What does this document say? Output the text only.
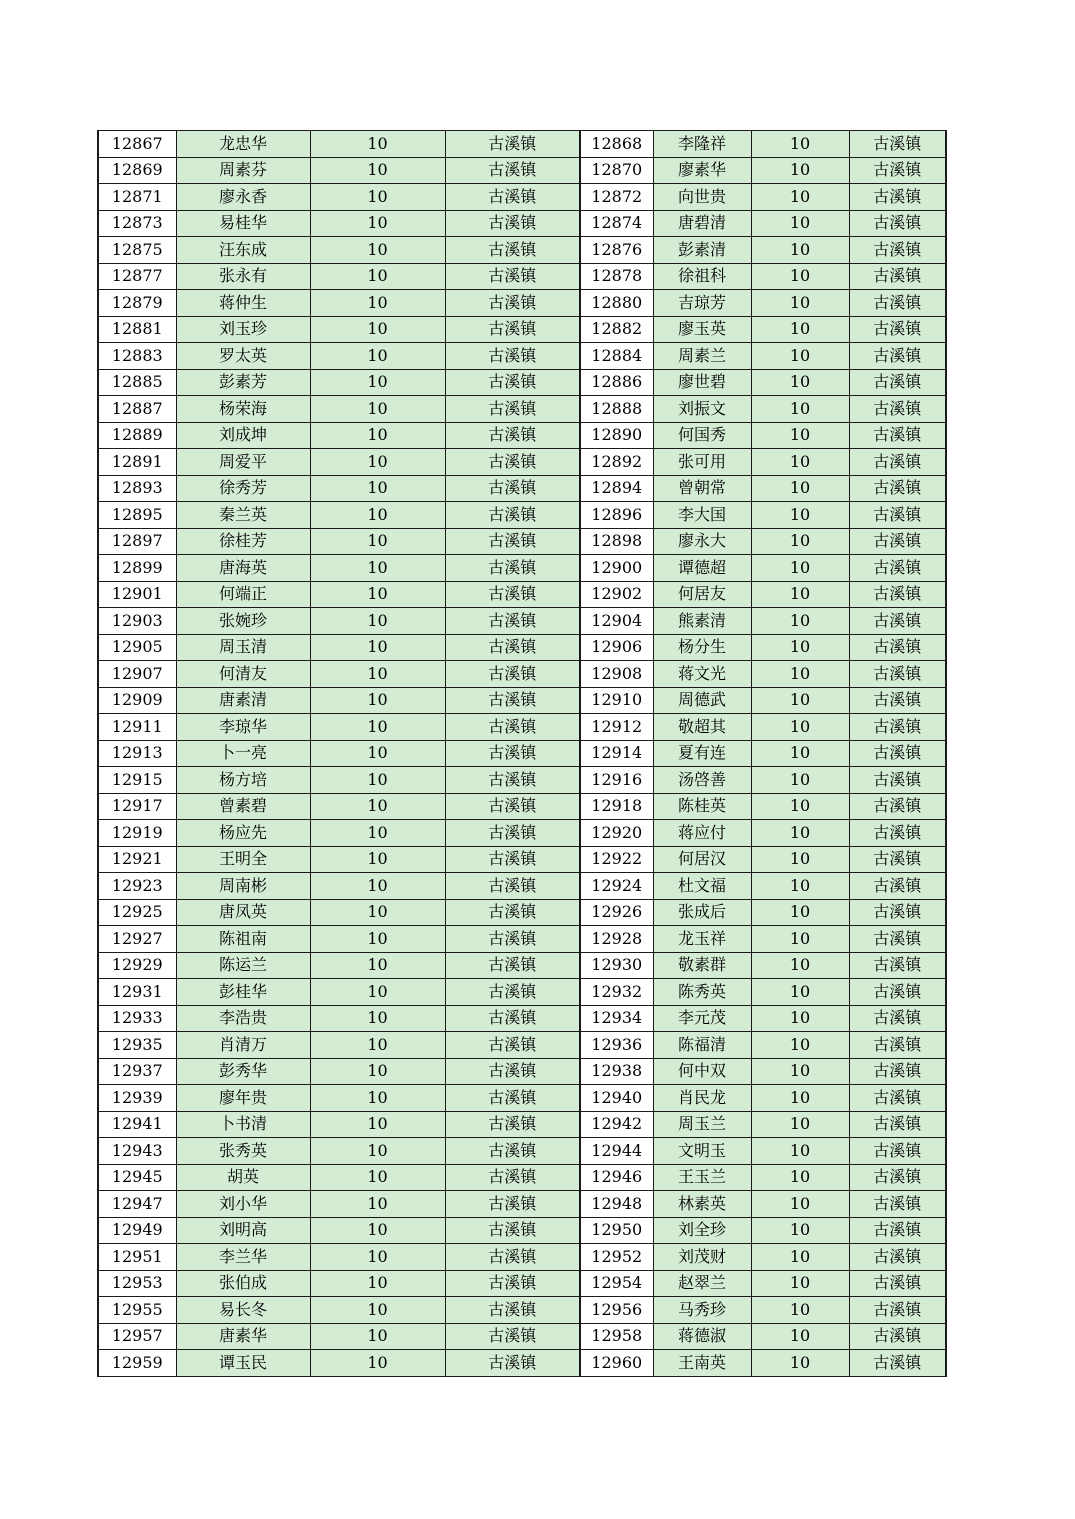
12867	龙忠华	10	古溪镇	12868	李隆祥	10	古溪镇
12869	周素芬	10	古溪镇	12870	廖素华	10	古溪镇
12871	廖永香	10	古溪镇	12872	向世贵	10	古溪镇
12873	易桂华	10	古溪镇	12874	唐碧清	10	古溪镇
12875	汪东成	10	古溪镇	12876	彭素清	10	古溪镇
12877	张永有	10	古溪镇	12878	徐祖科	10	古溪镇
12879	蒋仲生	10	古溪镇	12880	吉琼芳	10	古溪镇
12881	刘玉珍	10	古溪镇	12882	廖玉英	10	古溪镇
12883	罗太英	10	古溪镇	12884	周素兰	10	古溪镇
12885	彭素芳	10	古溪镇	12886	廖世碧	10	古溪镇
12887	杨荣海	10	古溪镇	12888	刘振文	10	古溪镇
12889	刘成坤	10	古溪镇	12890	何国秀	10	古溪镇
12891	周爱平	10	古溪镇	12892	张可用	10	古溪镇
12893	徐秀芳	10	古溪镇	12894	曾朝常	10	古溪镇
12895	秦兰英	10	古溪镇	12896	李大国	10	古溪镇
12897	徐桂芳	10	古溪镇	12898	廖永大	10	古溪镇
12899	唐海英	10	古溪镇	12900	谭德超	10	古溪镇
12901	何端正	10	古溪镇	12902	何居友	10	古溪镇
12903	张婉珍	10	古溪镇	12904	熊素清	10	古溪镇
12905	周玉清	10	古溪镇	12906	杨分生	10	古溪镇
12907	何清友	10	古溪镇	12908	蒋文光	10	古溪镇
12909	唐素清	10	古溪镇	12910	周德武	10	古溪镇
12911	李琼华	10	古溪镇	12912	敬超其	10	古溪镇
12913	卜一亮	10	古溪镇	12914	夏有连	10	古溪镇
12915	杨方培	10	古溪镇	12916	汤啓善	10	古溪镇
12917	曾素碧	10	古溪镇	12918	陈桂英	10	古溪镇
12919	杨应先	10	古溪镇	12920	蒋应付	10	古溪镇
12921	王明全	10	古溪镇	12922	何居汉	10	古溪镇
12923	周南彬	10	古溪镇	12924	杜文福	10	古溪镇
12925	唐凤英	10	古溪镇	12926	张成后	10	古溪镇
12927	陈祖南	10	古溪镇	12928	龙玉祥	10	古溪镇
12929	陈运兰	10	古溪镇	12930	敬素群	10	古溪镇
12931	彭桂华	10	古溪镇	12932	陈秀英	10	古溪镇
12933	李浩贵	10	古溪镇	12934	李元茂	10	古溪镇
12935	肖清万	10	古溪镇	12936	陈福清	10	古溪镇
12937	彭秀华	10	古溪镇	12938	何中双	10	古溪镇
12939	廖年贵	10	古溪镇	12940	肖民龙	10	古溪镇
12941	卜书清	10	古溪镇	12942	周玉兰	10	古溪镇
12943	张秀英	10	古溪镇	12944	文明玉	10	古溪镇
12945	胡英	10	古溪镇	12946	王玉兰	10	古溪镇
12947	刘小华	10	古溪镇	12948	林素英	10	古溪镇
12949	刘明高	10	古溪镇	12950	刘全珍	10	古溪镇
12951	李兰华	10	古溪镇	12952	刘茂财	10	古溪镇
12953	张伯成	10	古溪镇	12954	赵翠兰	10	古溪镇
12955	易长冬	10	古溪镇	12956	马秀珍	10	古溪镇
12957	唐素华	10	古溪镇	12958	蒋德淑	10	古溪镇
12959	谭玉民	10	古溪镇	12960	王南英	10	古溪镇
